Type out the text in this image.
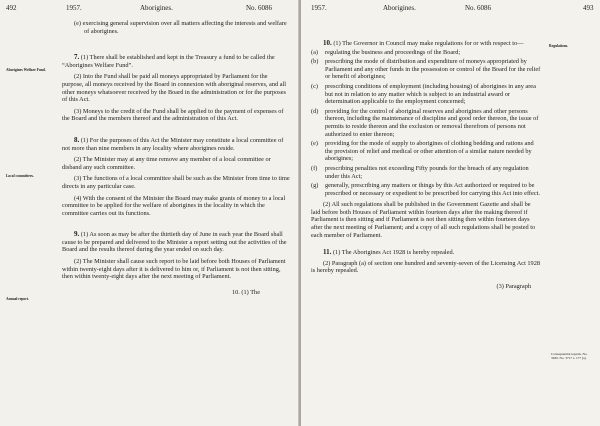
492	1957.	Aborigines.	No. 6086
Aborigines Welfare Fund.
Local committees.
Annual report.

(e) exercising general supervision over all matters affecting the interests and welfare of aborigines.

7. (1) There shall be established and kept in the Treasury a fund to be called the “Aborigines Welfare Fund”.

(2) Into the Fund shall be paid all moneys appropriated by Parliament for the purpose, all moneys received by the Board in connexion with aboriginal reserves, and all other moneys whatsoever received by the Board in the administration or for the purposes of this Act.

(3) Moneys to the credit of the Fund shall be applied to the payment of expenses of the Board and the members thereof and the administration of this Act.

8. (1) For the purposes of this Act the Minister may constitute a local committee of not more than nine members in any locality where aborigines reside.

(2) The Minister may at any time remove any member of a local committee or disband any such committee.

(3) The functions of a local committee shall be such as the Minister from time to time directs in any particular case.

(4) With the consent of the Minister the Board may make grants of money to a local committee to be applied for the welfare of aborigines in the locality in which the committee carries out its functions.

9. (1) As soon as may be after the thirtieth day of June in each year the Board shall cause to be prepared and delivered to the Minister a report setting out the activities of the Board and the results thereof during the year ended on such day.

(2) The Minister shall cause such report to be laid before both Houses of Parliament within twenty-eight days after it is delivered to him or, if Parliament is not then sitting, then within twenty-eight days after the next meeting of Parliament.

10. (1) The

1957.	Aborigines.	No. 6086	493
Regulations.
Consequential repeals. No. 3630. No. 3717 s. 177 (a).

10. (1) The Governor in Council may make regulations for or with respect to—

(a)	regulating the business and proceedings of the Board;
(b)	prescribing the mode of distribution and expenditure of moneys appropriated by Parliament and any other funds in the possession or control of the Board for the relief or benefit of aborigines;
(c)	prescribing conditions of employment (including housing) of aborigines in any area but not in relation to any matter which is subject to an industrial award or determination applicable to the employment concerned;
(d)	providing for the control of aboriginal reserves and aborigines and other persons thereon, including the maintenance of discipline and good order thereon, the issue of permits to reside thereon and the exclusion or removal therefrom of persons not authorized to enter thereon;
(e)	providing for the mode of supply to aborigines of clothing bedding and rations and the provision of relief and medical or other attention of a similar nature needed by aborigines;
(f)	prescribing penalties not exceeding Fifty pounds for the breach of any regulation under this Act;
(g)	generally, prescribing any matters or things by this Act authorized or required to be prescribed or necessary or expedient to be prescribed for carrying this Act into effect.

(2) All such regulations shall be published in the Government Gazette and shall be laid before both Houses of Parliament within fourteen days after the making thereof if Parliament is then sitting and if Parliament is not then sitting then within fourteen days after the next meeting of Parliament; and a copy of all such regulations shall be posted to each member of Parliament.

11. (1) The Aborigines Act 1928 is hereby repealed.

(2) Paragraph (a) of section one hundred and seventy-seven of the Licensing Act 1928 is hereby repealed.

(3) Paragraph
